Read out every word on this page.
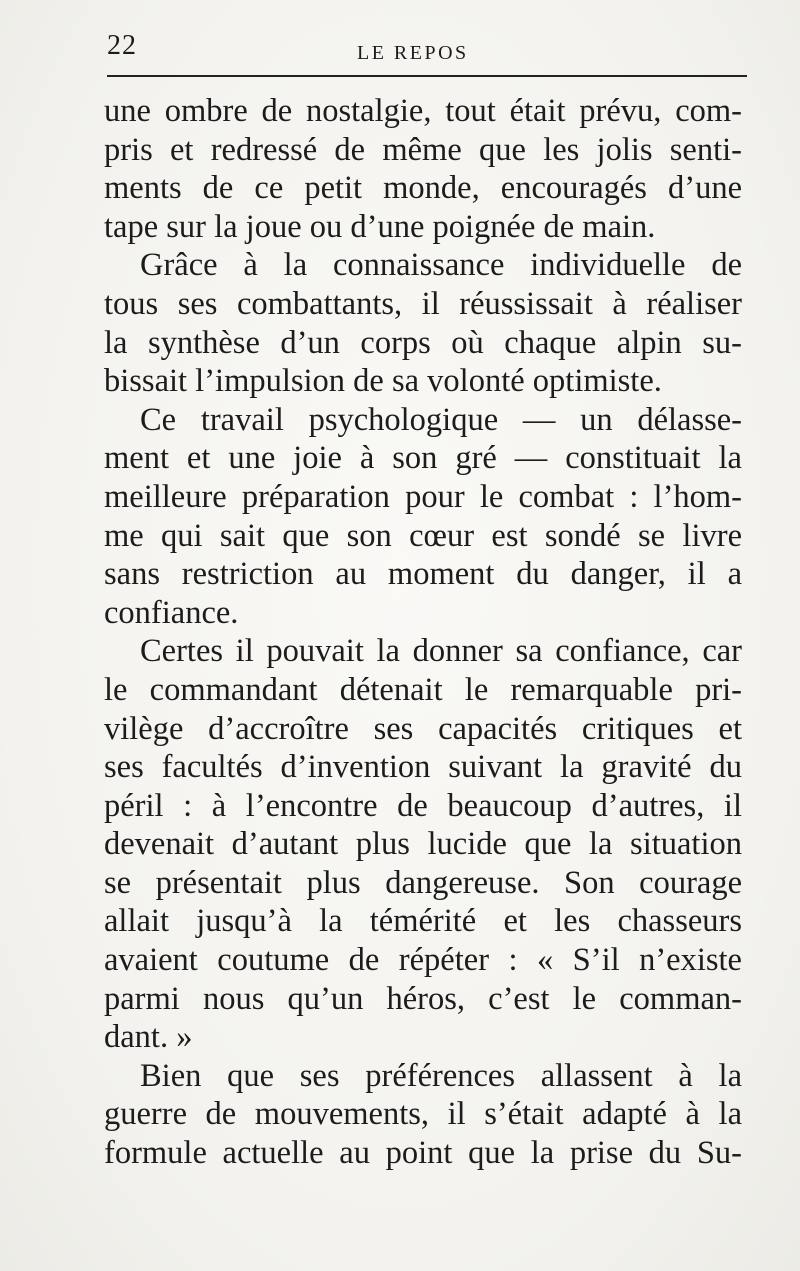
22	LE REPOS
une ombre de nostalgie, tout était prévu, com-
pris et redressé de même que les jolis senti-
ments de ce petit monde, encouragés d’une
tape sur la joue ou d’une poignée de main.
Grâce à la connaissance individuelle de
tous ses combattants, il réussissait à réaliser
la synthèse d’un corps où chaque alpin su-
bissait l’impulsion de sa volonté optimiste.
Ce travail psychologique — un délasse-
ment et une joie à son gré — constituait la
meilleure préparation pour le combat : l’hom-
me qui sait que son cœur est sondé se livre
sans restriction au moment du danger, il a
confiance.
Certes il pouvait la donner sa confiance, car
le commandant détenait le remarquable pri-
vilège d’accroître ses capacités critiques et
ses facultés d’invention suivant la gravité du
péril : à l’encontre de beaucoup d’autres, il
devenait d’autant plus lucide que la situation
se présentait plus dangereuse. Son courage
allait jusqu’à la témérité et les chasseurs
avaient coutume de répéter : « S’il n’existe
parmi nous qu’un héros, c’est le comman-
dant. »
Bien que ses préférences allassent à la
guerre de mouvements, il s’était adapté à la
formule actuelle au point que la prise du Su-
